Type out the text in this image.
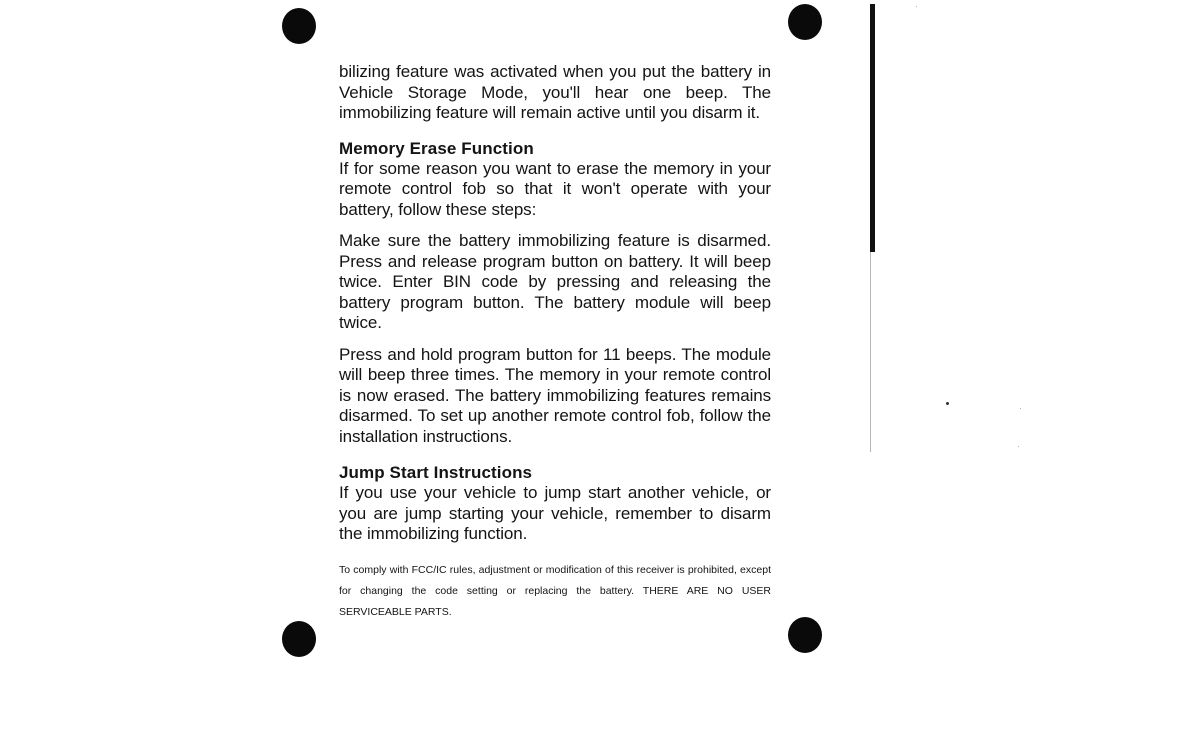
bilizing feature was activated when you put the battery in Vehicle Storage Mode, you'll hear one beep. The immobilizing feature will remain active until you disarm it.

Memory Erase Function

If for some reason you want to erase the memory in your remote control fob so that it won't operate with your battery, follow these steps:

Make sure the battery immobilizing feature is disarmed. Press and release program button on battery. It will beep twice. Enter BIN code by pressing and releasing the battery program button. The battery module will beep twice.

Press and hold program button for 11 beeps. The module will beep three times. The memory in your remote control is now erased. The battery immobilizing features remains disarmed. To set up another remote control fob, follow the installation instructions.

Jump Start Instructions

If you use your vehicle to jump start another vehicle, or you are jump starting your vehicle, remember to disarm the immobilizing function.

To comply with FCC/IC rules, adjustment or modification of this receiver is prohibited, except for changing the code setting or replacing the battery. THERE ARE NO USER SERVICEABLE PARTS.
